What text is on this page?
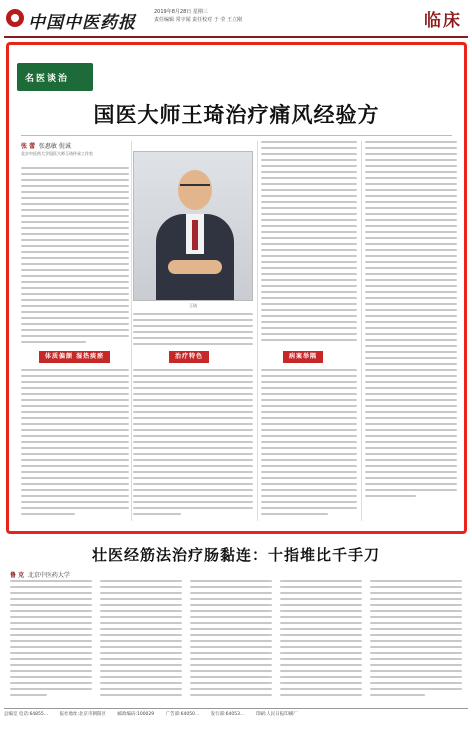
中国中医药报
2019年8月28日 星期三
责任编辑 常宇闻 责任校对 于 莹 王立刚	临床
名医谈治
国医大师王琦治疗痛风经验方
张 蕾 张惠敏 倪诚
北京中医药大学国医大师王琦传承工作室
体质偏颇 湿热痰瘀
王琦
治疗特色	病案举隅
壮医经筋法治疗肠黏连：十指堆比千手刀
鲁 克 北京中医药大学
总编室 电话:64855...	报社地址:北京市朝阳区	邮政编码:100029	广告部:64050...	发行部:64053...	印刷:人民日报印刷厂
